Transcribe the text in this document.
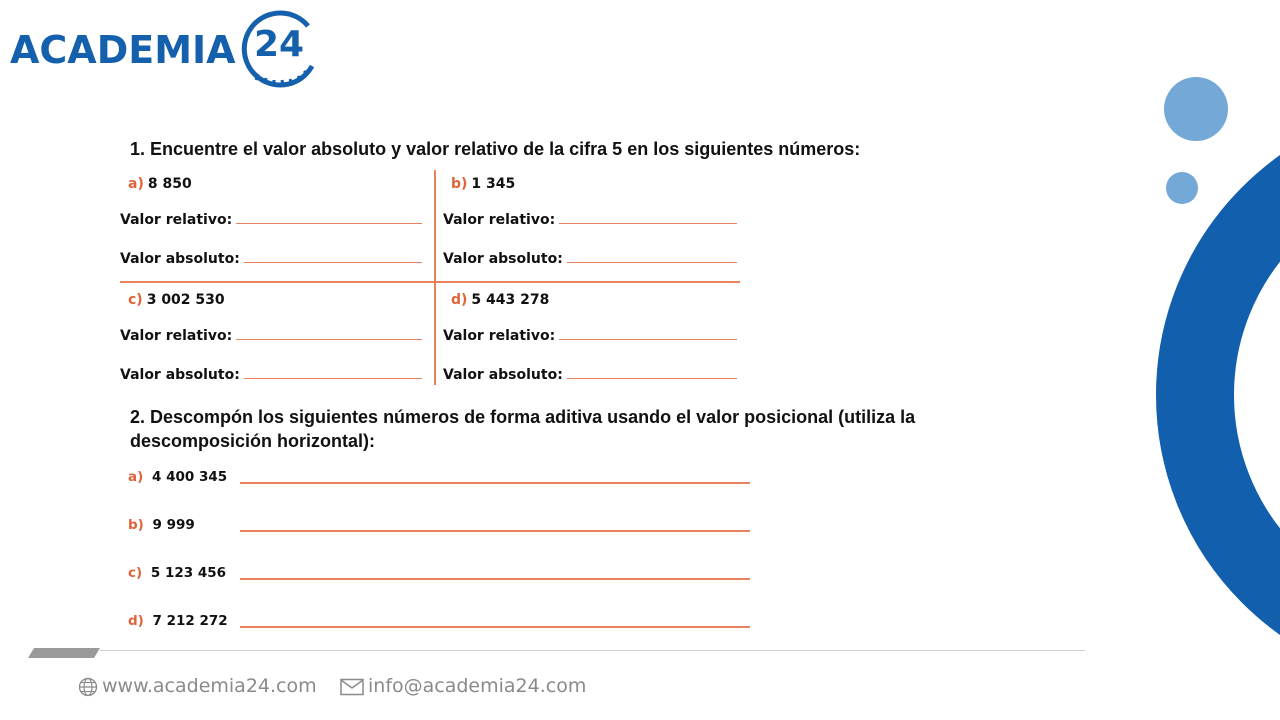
ACADEMIA 24
1. Encuentre el valor absoluto y valor relativo de la cifra 5 en los siguientes números:
a) 8 850
Valor relativo:
Valor absoluto:
b) 1 345
Valor relativo:
Valor absoluto:
c) 3 002 530
Valor relativo:
Valor absoluto:
d) 5 443 278
Valor relativo:
Valor absoluto:
2. Descompón los siguientes números de forma aditiva usando el valor posicional (utiliza la descomposición horizontal):
a) 4 400 345
b) 9 999
c) 5 123 456
d) 7 212 272
www.academia24.com	info@academia24.com
